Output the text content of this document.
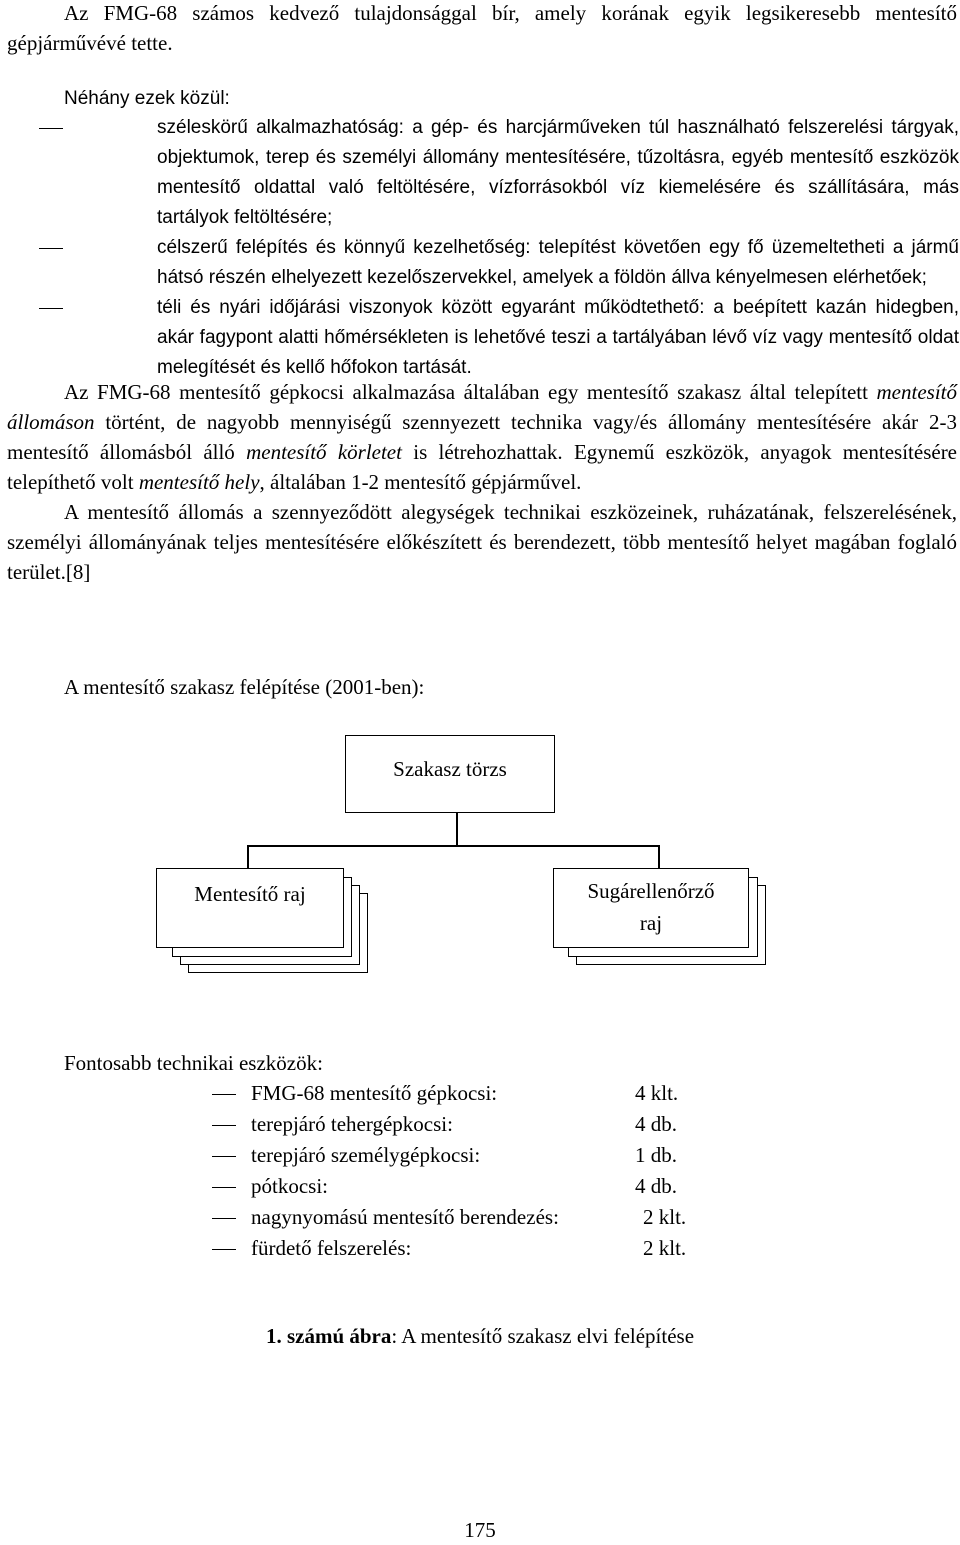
Az FMG-68 számos kedvező tulajdonsággal bír, amely korának egyik legsikeresebb mentesítő gépjárművévé tette.

Néhány ezek közül:

széleskörű alkalmazhatóság: a gép- és harcjárműveken túl használható felszerelési tárgyak, objektumok, terep és személyi állomány mentesítésére, tűzoltásra, egyéb mentesítő eszközök mentesítő oldattal való feltöltésére, vízforrásokból víz kiemelésére és szállítására, más tartályok feltöltésére;

célszerű felépítés és könnyű kezelhetőség: telepítést követően egy fő üzemeltetheti a jármű hátsó részén elhelyezett kezelőszervekkel, amelyek a földön állva kényelmesen elérhetőek;

téli és nyári időjárási viszonyok között egyaránt működtethető: a beépített kazán hidegben, akár fagypont alatti hőmérsékleten is lehetővé teszi a tartályában lévő víz vagy mentesítő oldat melegítését és kellő hőfokon tartását.

Az FMG-68 mentesítő gépkocsi alkalmazása általában egy mentesítő szakasz által telepített mentesítő állomáson történt, de nagyobb mennyiségű szennyezett technika vagy/és állomány mentesítésére akár 2-3 mentesítő állomásból álló mentesítő körletet is létrehozhattak. Egynemű eszközök, anyagok mentesítésére telepíthető volt mentesítő hely, általában 1-2 mentesítő gépjárművel.

A mentesítő állomás a szennyeződött alegységek technikai eszközeinek, ruházatának, felszerelésének, személyi állományának teljes mentesítésére előkészített és berendezett, több mentesítő helyet magában foglaló terület.[8]

A mentesítő szakasz felépítése (2001-ben):
Szakasz törzs
Mentesítő raj	Sugárellenőrző
raj
Fontosabb technikai eszközök:
FMG-68 mentesítő gépkocsi:	4 klt.
terepjáró tehergépkocsi:	4 db.
terepjáró személygépkocsi:	1 db.
pótkocsi:	4 db.
nagynyomású mentesítő berendezés:	2 klt.
fürdető felszerelés:	2 klt.
1. számú ábra: A mentesítő szakasz elvi felépítése
175
